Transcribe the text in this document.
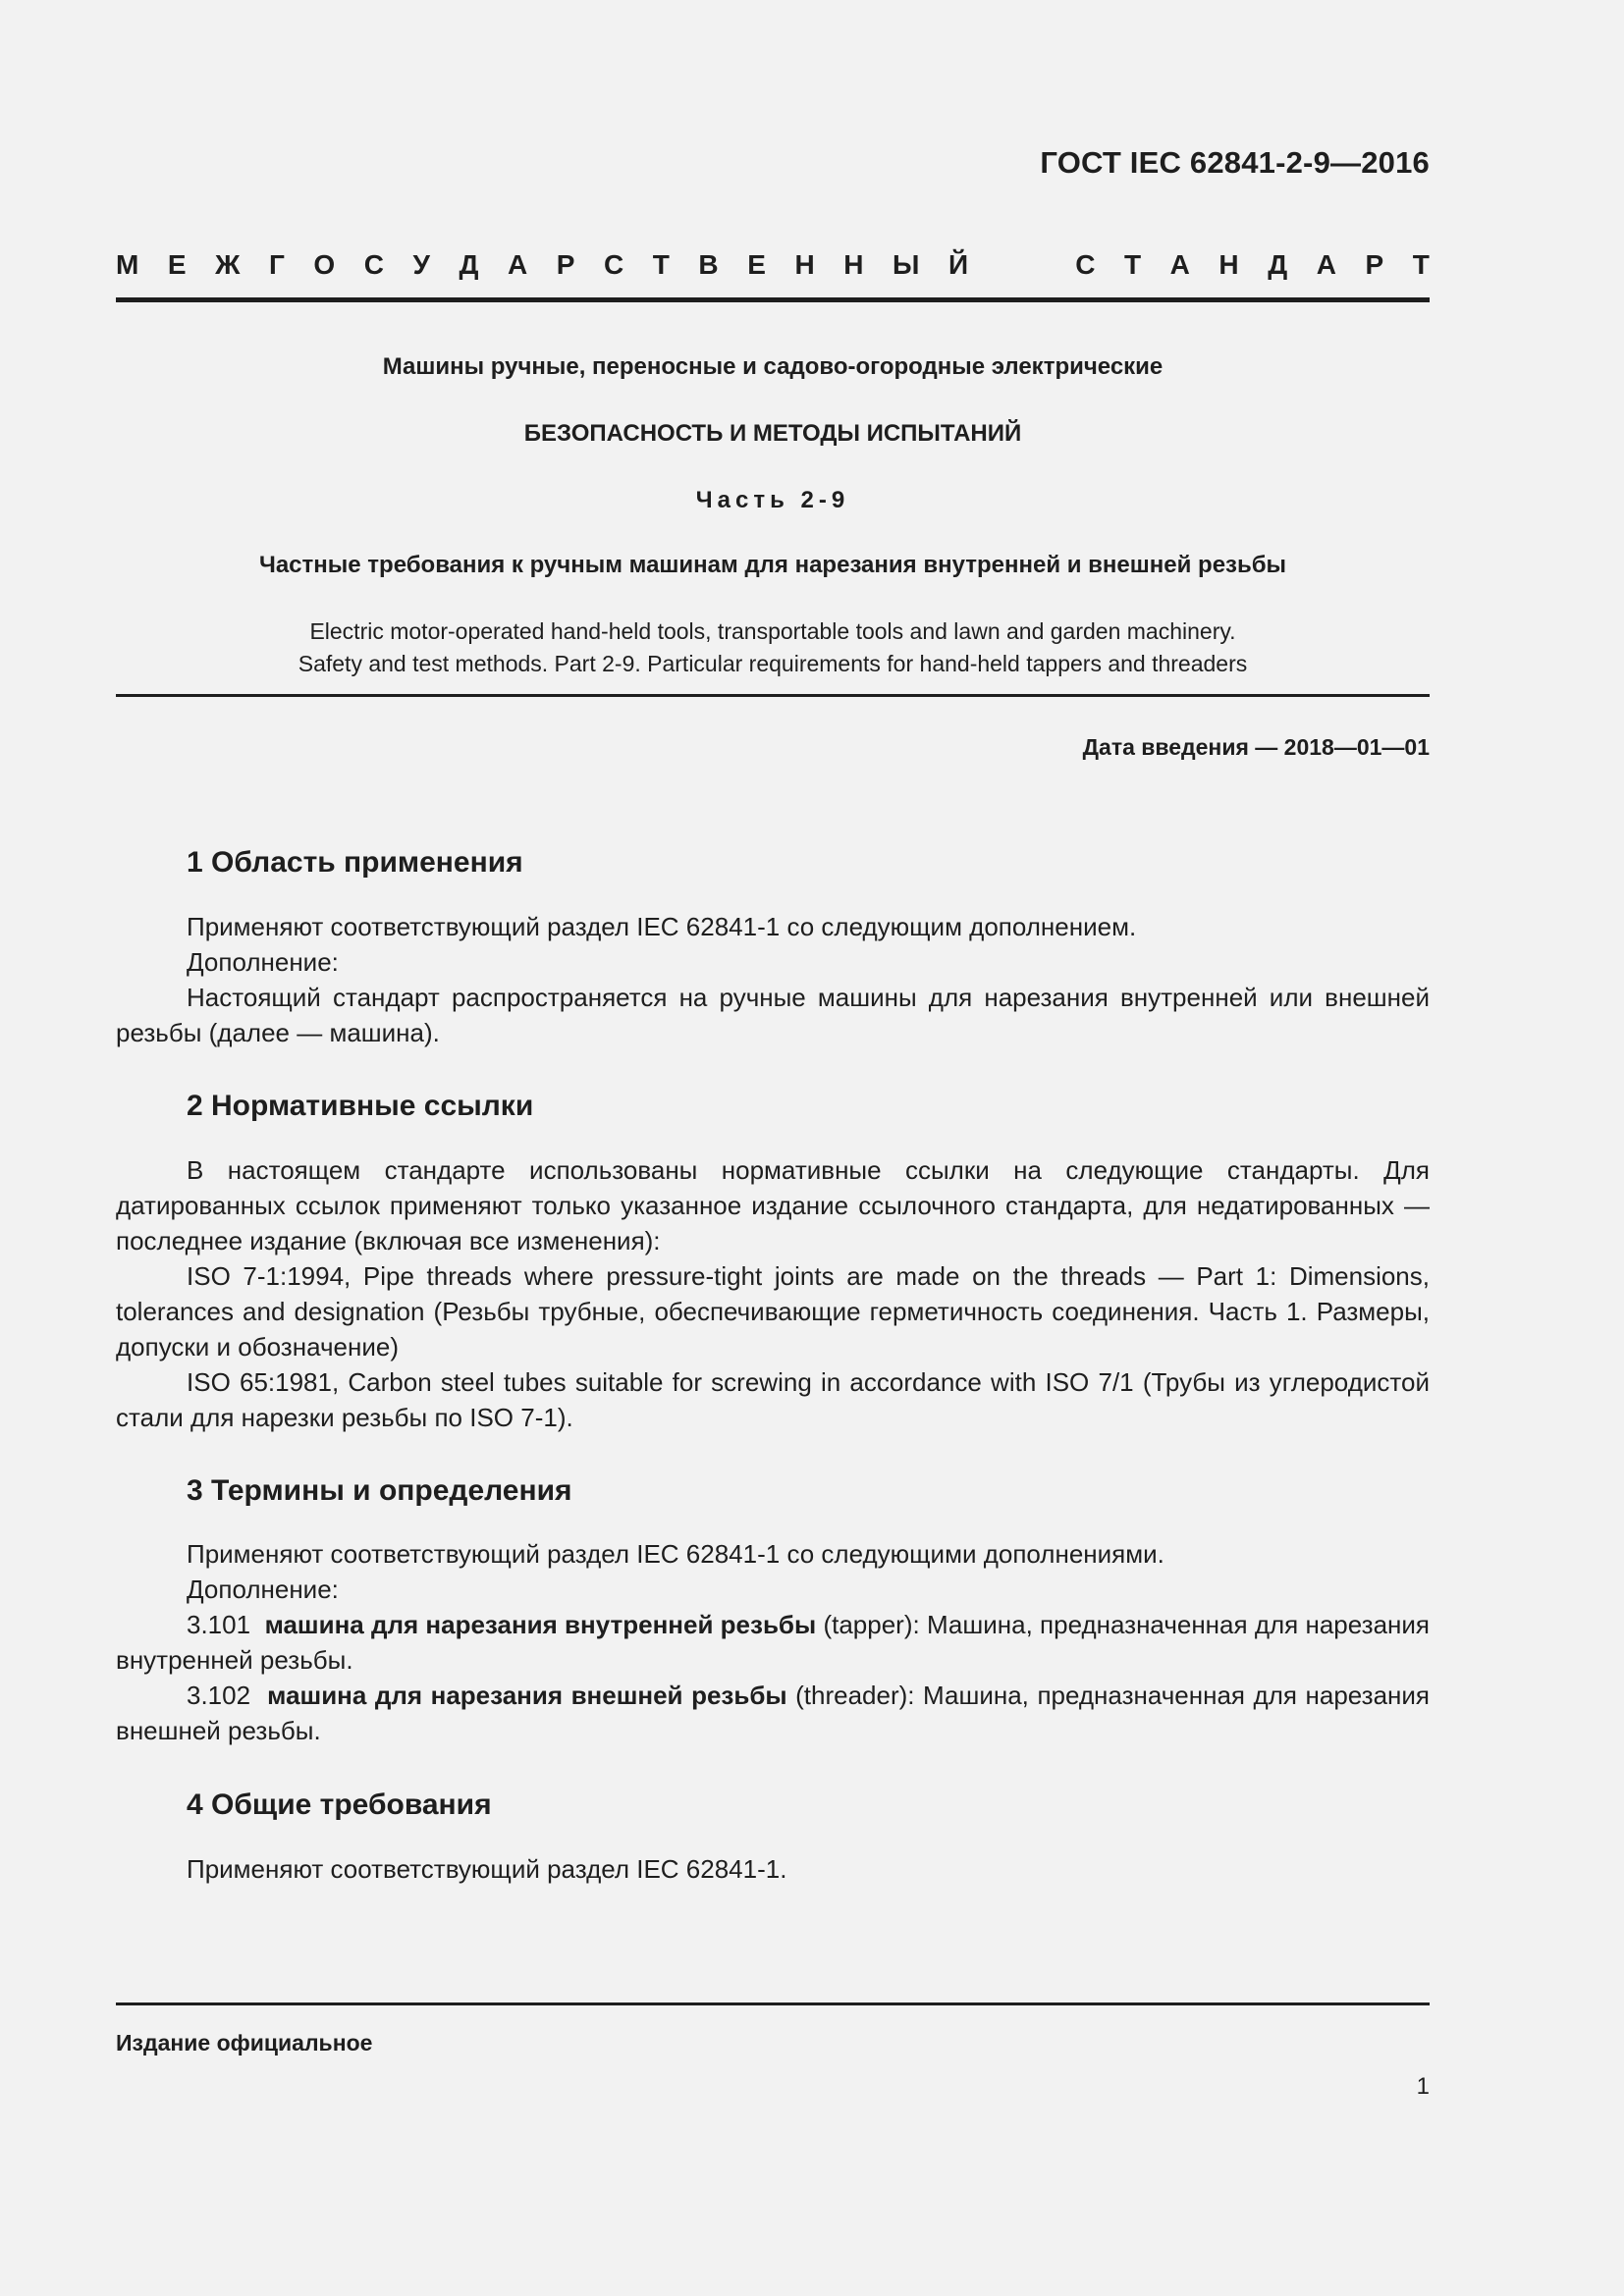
ГОСТ IEC 62841-2-9—2016
М Е Ж Г О С У Д А Р С Т В Е Н Н Ы Й	С Т А Н Д А Р Т
Машины ручные, переносные и садово-огородные электрические
БЕЗОПАСНОСТЬ И МЕТОДЫ ИСПЫТАНИЙ
Часть 2-9
Частные требования к ручным машинам для нарезания внутренней и внешней резьбы
Electric motor-operated hand-held tools, transportable tools and lawn and garden machinery.
Safety and test methods. Part 2-9. Particular requirements for hand-held tappers and threaders
Дата введения — 2018—01—01
1 Область применения

Применяют соответствующий раздел IEC 62841-1 со следующим дополнением.

Дополнение:

Настоящий стандарт распространяется на ручные машины для нарезания внутренней или внешней резьбы (далее — машина).

2 Нормативные ссылки

В настоящем стандарте использованы нормативные ссылки на следующие стандарты. Для датированных ссылок применяют только указанное издание ссылочного стандарта, для недатированных — последнее издание (включая все изменения):

ISO 7-1:1994, Pipe threads where pressure-tight joints are made on the threads — Part 1: Dimensions, tolerances and designation (Резьбы трубные, обеспечивающие герметичность соединения. Часть 1. Размеры, допуски и обозначение)

ISO 65:1981, Carbon steel tubes suitable for screwing in accordance with ISO 7/1 (Трубы из углеродистой стали для нарезки резьбы по ISO 7-1).

3 Термины и определения

Применяют соответствующий раздел IEC 62841-1 со следующими дополнениями.

Дополнение:

3.101 машина для нарезания внутренней резьбы (tapper): Машина, предназначенная для нарезания внутренней резьбы.

3.102 машина для нарезания внешней резьбы (threader): Машина, предназначенная для нарезания внешней резьбы.

4 Общие требования

Применяют соответствующий раздел IEC 62841-1.

Издание официальное
1
